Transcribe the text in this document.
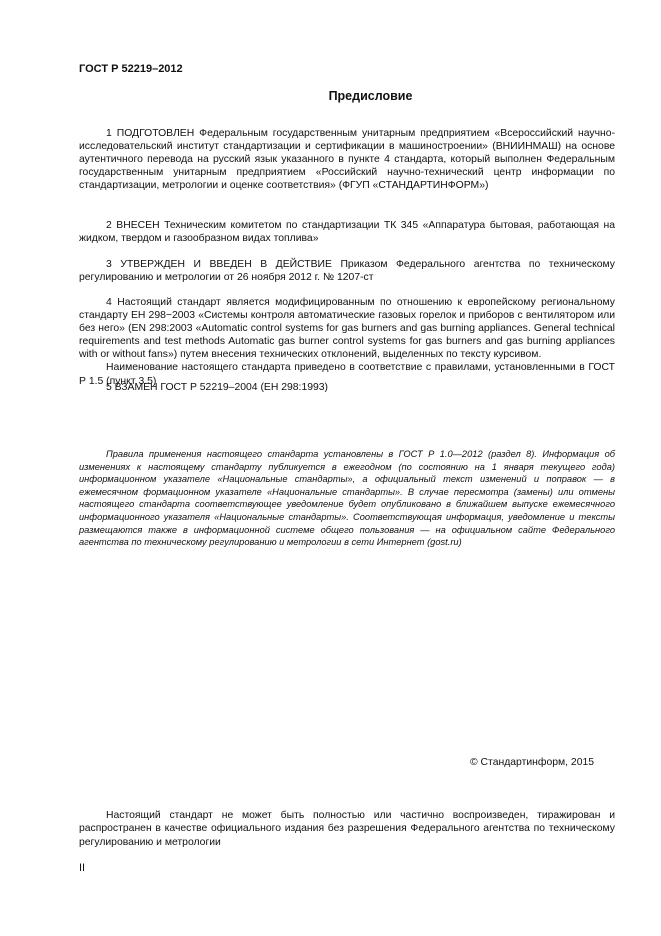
ГОСТ Р 52219–2012
Предисловие

1 ПОДГОТОВЛЕН Федеральным государственным унитарным предприятием «Всероссийский научно-исследовательский институт стандартизации и сертификации в машиностроении» (ВНИИНМАШ) на основе аутентичного перевода на русский язык указанного в пункте 4 стандарта, который выполнен Федеральным государственным унитарным предприятием «Российский научно-технический центр информации по стандартизации, метрологии и оценке соответствия» (ФГУП «СТАНДАРТИНФОРМ»)

2 ВНЕСЕН Техническим комитетом по стандартизации ТК 345 «Аппаратура бытовая, работающая на жидком, твердом и газообразном видах топлива»

3 УТВЕРЖДЕН И ВВЕДЕН В ДЕЙСТВИЕ Приказом Федерального агентства по техническому регулированию и метрологии от 26 ноября 2012 г. № 1207-ст

4 Настоящий стандарт является модифицированным по отношению к европейскому региональному стандарту ЕН 298−2003 «Системы контроля автоматические газовых горелок и приборов с вентилятором или без него» (EN 298:2003 «Automatic control systems for gas burners and gas burning appliances. General technical requirements and test methods Automatic gas burner control systems for gas burners and gas burning appliances with or without fans») путем внесения технических отклонений, выделенных по тексту курсивом.

Наименование настоящего стандарта приведено в соответствие с правилами, установленными в ГОСТ Р 1.5 (пункт 3.5)

5 ВЗАМЕН ГОСТ Р 52219–2004 (ЕН 298:1993)

Правила применения настоящего стандарта установлены в ГОСТ Р 1.0—2012 (раздел 8). Информация об изменениях к настоящему стандарту публикуется в ежегодном (по состоянию на 1 января текущего года) информационном указателе «Национальные стандарты», а официальный текст изменений и поправок — в ежемесячном формационном указателе «Национальные стандарты». В случае пересмотра (замены) или отмены настоящего стандарта соответствующее уведомление будет опубликовано в ближайшем выпуске ежемесячного информационного указателя «Национальные стандарты». Соответствующая информация, уведомление и тексты размещаются также в информационной системе общего пользования — на официальном сайте Федерального агентства по техническому регулированию и метрологии в сети Интернет (gost.ru)

© Стандартинформ, 2015

Настоящий стандарт не может быть полностью или частично воспроизведен, тиражирован и распространен в качестве официального издания без разрешения Федерального агентства по техническому регулированию и метрологии

II
